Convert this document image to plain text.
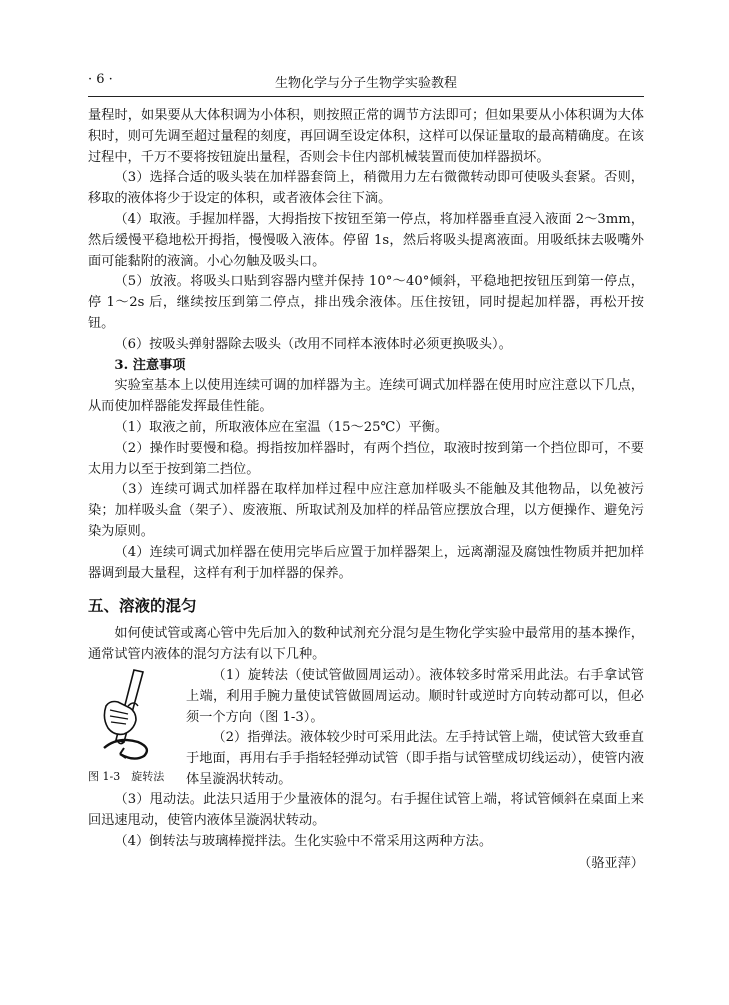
· 6 ·	生物化学与分子生物学实验教程

量程时，如果要从大体积调为小体积，则按照正常的调节方法即可；但如果要从小体积调为大体积时，则可先调至超过量程的刻度，再回调至设定体积，这样可以保证量取的最高精确度。在该过程中，千万不要将按钮旋出量程，否则会卡住内部机械装置而使加样器损坏。

（3）选择合适的吸头装在加样器套筒上，稍微用力左右微微转动即可使吸头套紧。否则，移取的液体将少于设定的体积，或者液体会往下滴。

（4）取液。手握加样器，大拇指按下按钮至第一停点，将加样器垂直浸入液面 2～3mm，然后缓慢平稳地松开拇指，慢慢吸入液体。停留 1s，然后将吸头提离液面。用吸纸抹去吸嘴外面可能黏附的液滴。小心勿触及吸头口。

（5）放液。将吸头口贴到容器内壁并保持 10°～40°倾斜，平稳地把按钮压到第一停点，停 1～2s 后，继续按压到第二停点，排出残余液体。压住按钮，同时提起加样器，再松开按钮。

（6）按吸头弹射器除去吸头（改用不同样本液体时必须更换吸头）。

3. 注意事项

实验室基本上以使用连续可调的加样器为主。连续可调式加样器在使用时应注意以下几点，从而使加样器能发挥最佳性能。

（1）取液之前，所取液体应在室温（15～25℃）平衡。

（2）操作时要慢和稳。拇指按加样器时，有两个挡位，取液时按到第一个挡位即可，不要太用力以至于按到第二挡位。

（3）连续可调式加样器在取样加样过程中应注意加样吸头不能触及其他物品，以免被污染；加样吸头盒（架子）、废液瓶、所取试剂及加样的样品管应摆放合理，以方便操作、避免污染为原则。

（4）连续可调式加样器在使用完毕后应置于加样器架上，远离潮湿及腐蚀性物质并把加样器调到最大量程，这样有利于加样器的保养。

五、溶液的混匀

如何使试管或离心管中先后加入的数种试剂充分混匀是生物化学实验中最常用的基本操作，通常试管内液体的混匀方法有以下几种。

图 1-3　旋转法

（1）旋转法（使试管做圆周运动）。液体较多时常采用此法。右手拿试管上端，利用手腕力量使试管做圆周运动。顺时针或逆时方向转动都可以，但必须一个方向（图 1-3）。

（2）指弹法。液体较少时可采用此法。左手持试管上端，使试管大致垂直于地面，再用右手手指轻轻弹动试管（即手指与试管壁成切线运动），使管内液体呈漩涡状转动。

（3）甩动法。此法只适用于少量液体的混匀。右手握住试管上端，将试管倾斜在桌面上来回迅速甩动，使管内液体呈漩涡状转动。

（4）倒转法与玻璃棒搅拌法。生化实验中不常采用这两种方法。

（骆亚萍）
